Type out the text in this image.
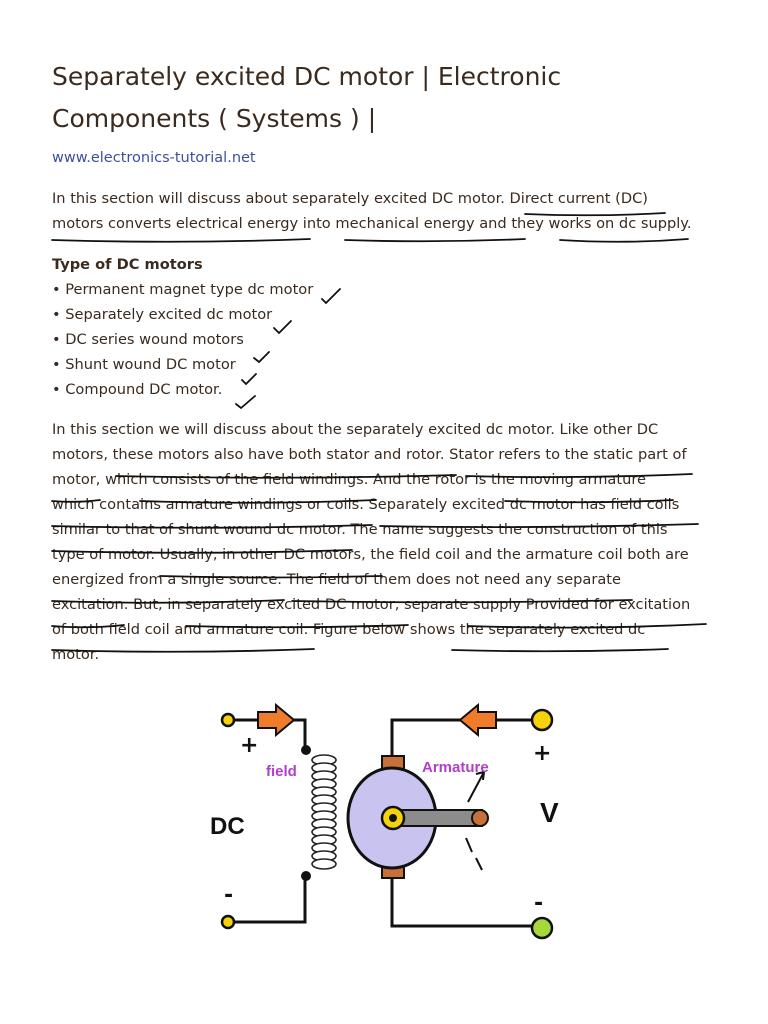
Separately excited DC motor | Electronic
Components ( Systems ) |
www.electronics-tutorial.net

In this section will discuss about separately excited DC motor. Direct current (DC)
motors converts electrical energy into mechanical energy and they works on dc supply.

Type of DC motors
• Permanent magnet type dc motor
• Separately excited dc motor
• DC series wound motors
• Shunt wound DC motor
• Compound DC motor.

In this section we will discuss about the separately excited dc motor. Like other DC
motors, these motors also have both stator and rotor. Stator refers to the static part of
motor, which consists of the field windings. And the rotor is the moving armature
which contains armature windings or coils. Separately excited dc motor has field coils
similar to that of shunt wound dc motor. The name suggests the construction of this
type of motor. Usually, in other DC motors, the field coil and the armature coil both are
energized from a single source. The field of them does not need any separate
excitation. But, in separately excited DC motor, separate supply Provided for excitation
of both field coil and armature coil. Figure below shows the separately excited dc
motor.

+	+
-	-
field	Armature
DC	V
